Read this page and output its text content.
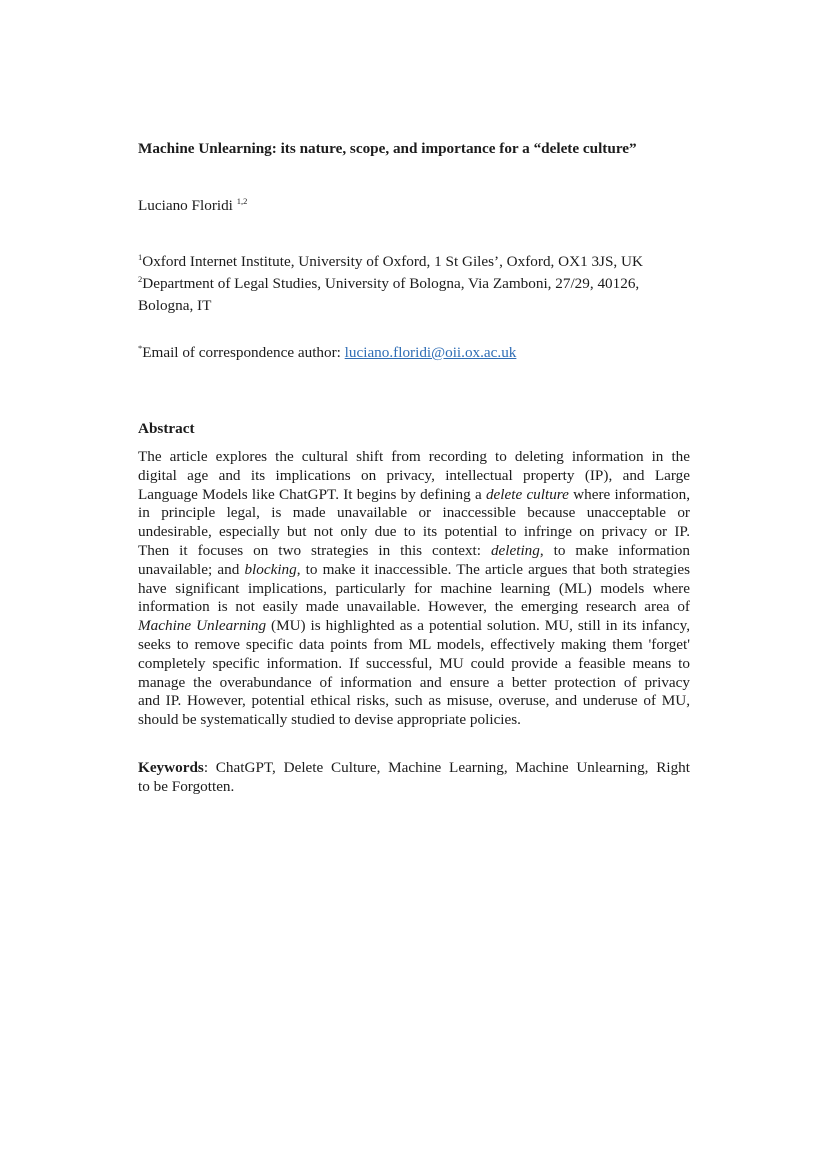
Machine Unlearning: its nature, scope, and importance for a “delete culture”
Luciano Floridi $^{1,2}$
$^1$Oxford Internet Institute, University of Oxford, 1 St Giles’, Oxford, OX1 3JS, UK
$^2$Department of Legal Studies, University of Bologna, Via Zamboni, 27/29, 40126,
Bologna, IT
*Email of correspondence author: luciano.floridi@oii.ox.ac.uk
Abstract
The article explores the cultural shift from recording to deleting information in the
digital age and its implications on privacy, intellectual property (IP), and Large
Language Models like ChatGPT. It begins by defining a delete culture where information,
in principle legal, is made unavailable or inaccessible because unacceptable or
undesirable, especially but not only due to its potential to infringe on privacy or IP.
Then it focuses on two strategies in this context: deleting, to make information
unavailable; and blocking, to make it inaccessible. The article argues that both strategies
have significant implications, particularly for machine learning (ML) models where
information is not easily made unavailable. However, the emerging research area of
Machine Unlearning (MU) is highlighted as a potential solution. MU, still in its infancy,
seeks to remove specific data points from ML models, effectively making them 'forget'
completely specific information. If successful, MU could provide a feasible means to
manage the overabundance of information and ensure a better protection of privacy
and IP. However, potential ethical risks, such as misuse, overuse, and underuse of MU,
should be systematically studied to devise appropriate policies.
Keywords: ChatGPT, Delete Culture, Machine Learning, Machine Unlearning, Right
to be Forgotten.
